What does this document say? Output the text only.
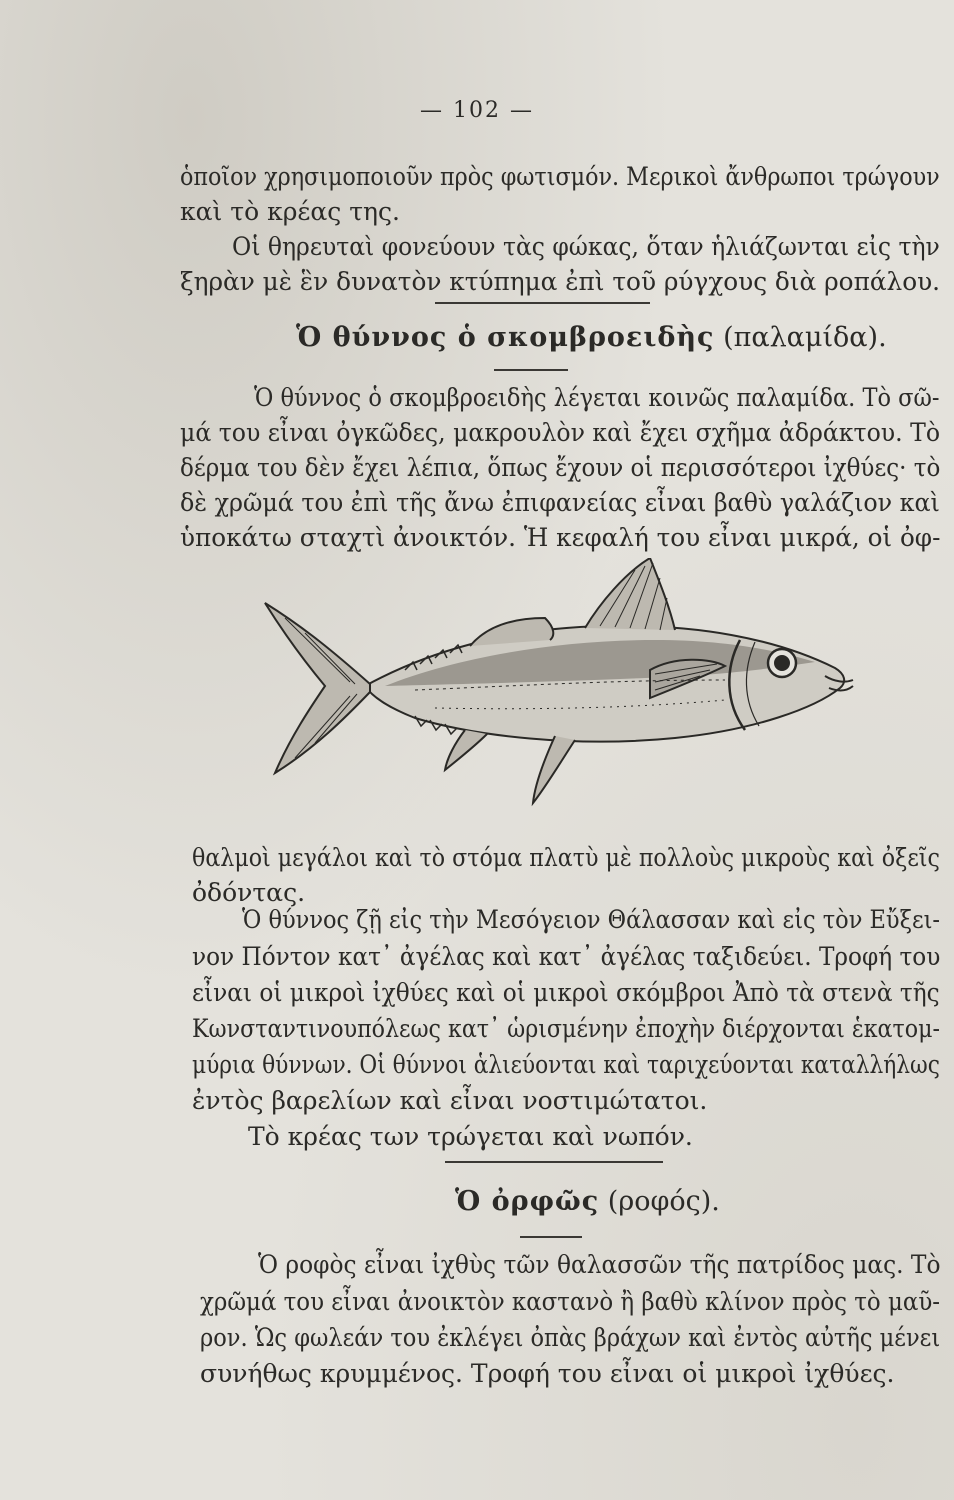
— 102 —
ὁποῖον χρησιμοποιοῦν πρὸς φωτισμόν. Μερικοὶ ἄνθρωποι τρώγουν
καὶ τὸ κρέας της.
Οἱ θηρευταὶ φονεύουν τὰς φώκας, ὅταν ἡλιάζωνται εἰς τὴν
ξηρὰν μὲ ἓν δυνατὸν κτύπημα ἐπὶ τοῦ ρύγχους διὰ ροπάλου.
Ὁ θύννος ὁ σκομβροειδὴς (παλαμίδα).
Ὁ θύννος ὁ σκομβροειδὴς λέγεται κοινῶς παλαμίδα. Τὸ σῶ-
μά του εἶναι ὀγκῶδες, μακρουλὸν καὶ ἔχει σχῆμα ἀδράκτου. Τὸ
δέρμα του δὲν ἔχει λέπια, ὅπως ἔχουν οἱ περισσότεροι ἰχθύες· τὸ
δὲ χρῶμά του ἐπὶ τῆς ἄνω ἐπιφανείας εἶναι βαθὺ γαλάζιον καὶ
ὑποκάτω σταχτὶ ἀνοικτόν. Ἡ κεφαλή του εἶναι μικρά, οἱ ὀφ-
θαλμοὶ μεγάλοι καὶ τὸ στόμα πλατὺ μὲ πολλοὺς μικροὺς καὶ ὀξεῖς
ὀδόντας.
Ὁ θύννος ζῇ εἰς τὴν Μεσόγειον Θάλασσαν καὶ εἰς τὸν Εὔξει-
νον Πόντον κατ᾽ ἀγέλας καὶ κατ᾽ ἀγέλας ταξιδεύει. Τροφή του
εἶναι οἱ μικροὶ ἰχθύες καὶ οἱ μικροὶ σκόμβροι Ἀπὸ τὰ στενὰ τῆς
Κωνσταντινουπόλεως κατ᾽ ὡρισμένην ἐποχὴν διέρχονται ἑκατομ-
μύρια θύννων. Οἱ θύννοι ἁλιεύονται καὶ ταριχεύονται καταλλήλως
ἐντὸς βαρελίων καὶ εἶναι νοστιμώτατοι.
Τὸ κρέας των τρώγεται καὶ νωπόν.
Ὁ ὀρφῶς (ροφός).
Ὁ ροφὸς εἶναι ἰχθὺς τῶν θαλασσῶν τῆς πατρίδος μας. Τὸ
χρῶμά του εἶναι ἀνοικτὸν καστανὸ ἢ βαθὺ κλίνον πρὸς τὸ μαῦ-
ρον. Ὡς φωλεάν του ἐκλέγει ὀπὰς βράχων καὶ ἐντὸς αὐτῆς μένει
συνήθως κρυμμένος. Τροφή του εἶναι οἱ μικροὶ ἰχθύες.
